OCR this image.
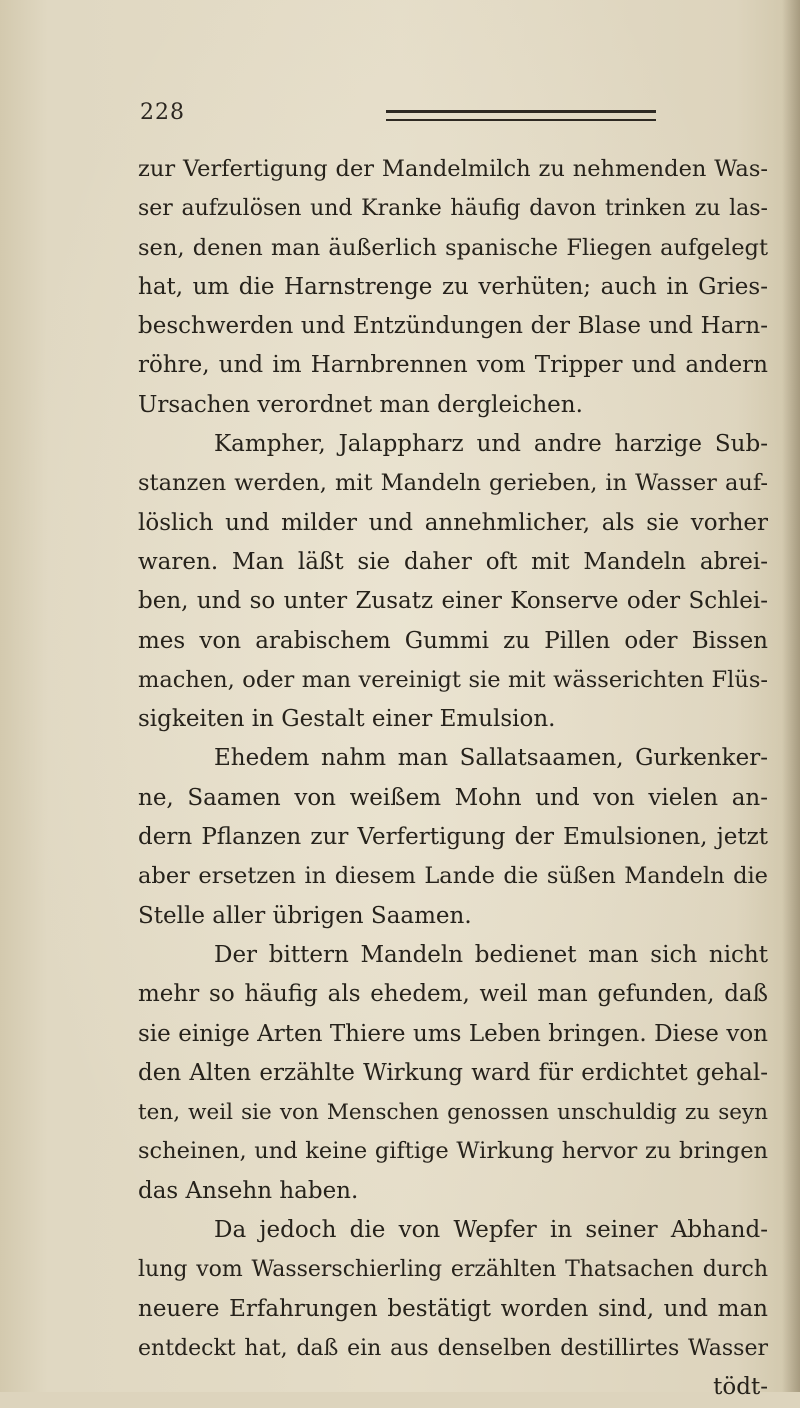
228
zur Verfertigung der Mandelmilch zu nehmenden Was-
ser aufzulösen und Kranke häufig davon trinken zu las-
sen, denen man äußerlich spanische Fliegen aufgelegt
hat, um die Harnstrenge zu verhüten; auch in Gries-
beschwerden und Entzündungen der Blase und Harn-
röhre, und im Harnbrennen vom Tripper und andern
Ursachen verordnet man dergleichen.
Kampher, Jalappharz und andre harzige Sub-
stanzen werden, mit Mandeln gerieben, in Wasser auf-
löslich und milder und annehmlicher, als sie vorher
waren. Man läßt sie daher oft mit Mandeln abrei-
ben, und so unter Zusatz einer Konserve oder Schlei-
mes von arabischem Gummi zu Pillen oder Bissen
machen, oder man vereinigt sie mit wässerichten Flüs-
sigkeiten in Gestalt einer Emulsion.
Ehedem nahm man Sallatsaamen, Gurkenker-
ne, Saamen von weißem Mohn und von vielen an-
dern Pflanzen zur Verfertigung der Emulsionen, jetzt
aber ersetzen in diesem Lande die süßen Mandeln die
Stelle aller übrigen Saamen.
Der bittern Mandeln bedienet man sich nicht
mehr so häufig als ehedem, weil man gefunden, daß
sie einige Arten Thiere ums Leben bringen. Diese von
den Alten erzählte Wirkung ward für erdichtet gehal-
ten, weil sie von Menschen genossen unschuldig zu seyn
scheinen, und keine giftige Wirkung hervor zu bringen
das Ansehn haben.
Da jedoch die von Wepfer in seiner Abhand-
lung vom Wasserschierling erzählten Thatsachen durch
neuere Erfahrungen bestätigt worden sind, und man
entdeckt hat, daß ein aus denselben destillirtes Wasser
tödt-
